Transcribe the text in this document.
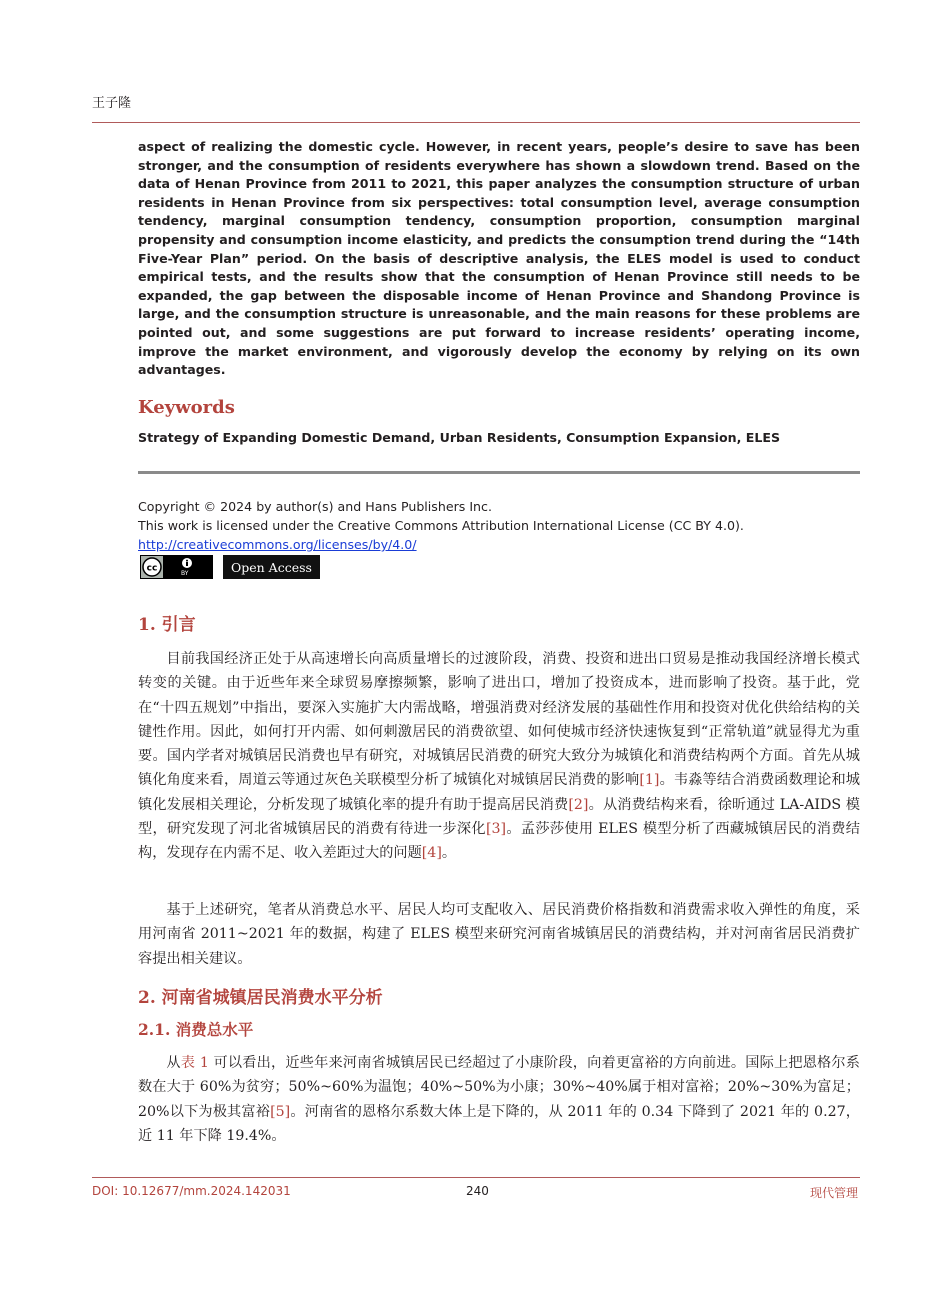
王子隆

aspect of realizing the domestic cycle. However, in recent years, people’s desire to save has been stronger, and the consumption of residents everywhere has shown a slowdown trend. Based on the data of Henan Province from 2011 to 2021, this paper analyzes the consumption structure of urban residents in Henan Province from six perspectives: total consumption level, average consumption tendency, marginal consumption tendency, consumption proportion, consumption marginal propensity and consumption income elasticity, and predicts the consumption trend during the “14th Five-Year Plan” period. On the basis of descriptive analysis, the ELES model is used to conduct empirical tests, and the results show that the consumption of Henan Province still needs to be expanded, the gap between the disposable income of Henan Province and Shandong Province is large, and the consumption structure is unreasonable, and the main reasons for these problems are pointed out, and some suggestions are put forward to increase residents’ operating income, improve the market environment, and vigorously develop the economy by relying on its own advantages.

Keywords
Strategy of Expanding Domestic Demand, Urban Residents, Consumption Expansion, ELES
Copyright © 2024 by author(s) and Hans Publishers Inc.
This work is licensed under the Creative Commons Attribution International License (CC BY 4.0).
http://creativecommons.org/licenses/by/4.0/
cc	BY	Open Access
1. 引言

目前我国经济正处于从高速增长向高质量增长的过渡阶段，消费、投资和进出口贸易是推动我国经济增长模式转变的关键。由于近些年来全球贸易摩擦频繁，影响了进出口，增加了投资成本，进而影响了投资。基于此，党在“十四五规划”中指出，要深入实施扩大内需战略，增强消费对经济发展的基础性作用和投资对优化供给结构的关键性作用。因此，如何打开内需、如何刺激居民的消费欲望、如何使城市经济快速恢复到“正常轨道”就显得尤为重要。国内学者对城镇居民消费也早有研究，对城镇居民消费的研究大致分为城镇化和消费结构两个方面。首先从城镇化角度来看，周道云等通过灰色关联模型分析了城镇化对城镇居民消费的影响[1]。韦淼等结合消费函数理论和城镇化发展相关理论，分析发现了城镇化率的提升有助于提高居民消费[2]。从消费结构来看，徐昕通过 LA-AIDS 模型，研究发现了河北省城镇居民的消费有待进一步深化[3]。孟莎莎使用 ELES 模型分析了西藏城镇居民的消费结构，发现存在内需不足、收入差距过大的问题[4]。

基于上述研究，笔者从消费总水平、居民人均可支配收入、居民消费价格指数和消费需求收入弹性的角度，采用河南省 2011~2021 年的数据，构建了 ELES 模型来研究河南省城镇居民的消费结构，并对河南省居民消费扩容提出相关建议。

2. 河南省城镇居民消费水平分析
2.1. 消费总水平

从表 1 可以看出，近些年来河南省城镇居民已经超过了小康阶段，向着更富裕的方向前进。国际上把恩格尔系数在大于 60%为贫穷；50%~60%为温饱；40%~50%为小康；30%~40%属于相对富裕；20%~30%为富足；20%以下为极其富裕[5]。河南省的恩格尔系数大体上是下降的，从 2011 年的 0.34 下降到了 2021 年的 0.27，近 11 年下降 19.4%。

DOI: 10.12677/mm.2024.142031	240	现代管理
